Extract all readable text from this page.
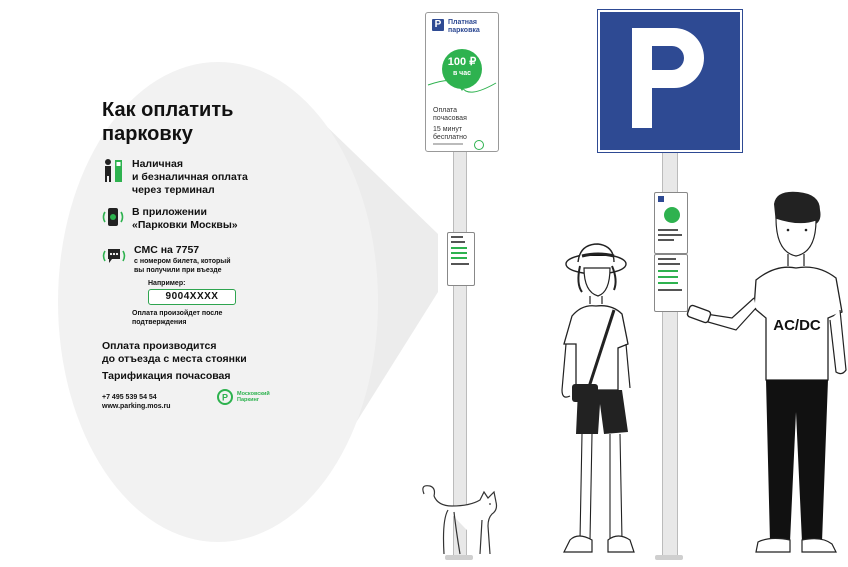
Как оплатить
парковку
Наличная
и безналичная оплата
через терминал
В приложении
«Парковки Москвы»
СМС на 7757
с номером билета, который
вы получили при въезде
Например:
9004XXXX
Оплата произойдет после
подтверждения
Оплата производится
до отъезда с места стоянки
Тарификация почасовая
+7 495 539 54 54
www.parking.mos.ru
P Московский
Паркинг
P Платная
парковка
100 ₽
в час
Оплата
почасовая
15 минут
бесплатно
AC/DC
